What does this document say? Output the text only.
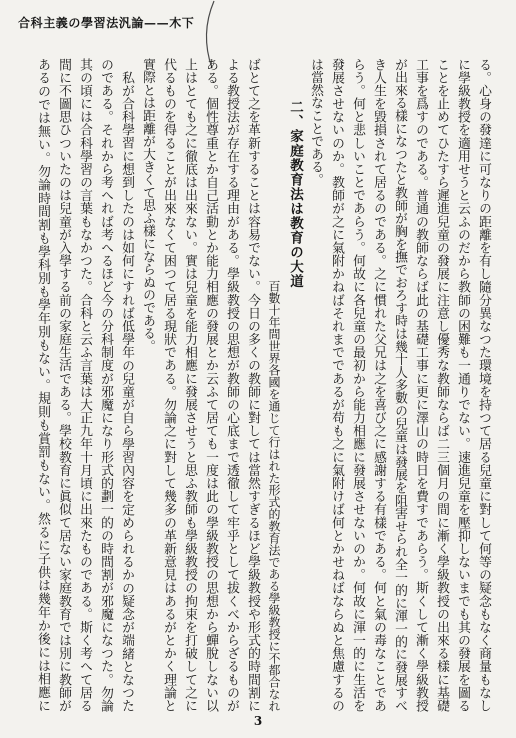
合科主義の學習法汎論——木下
る。心身の發達に可なりの距離を有し隨分異なつた環境を持つて居る兒童に對して何等の疑念もなく商量もなし
に學級教授を適用せうと云ふのだから教師の困難も一通りでない。速進兒童を壓抑しないまでも其の發展を圖る
ことを止めてひたすら遲進兒童の發展に注意し優秀な教師ならば二三個月の間に漸く學級教授の出來る樣に基礎
工事を爲すのである。普通の教師ならば此の基礎工事に更に澤山の時日を費すであらう。斯くして漸く學級教授
が出來る樣になつたと教師が胸を撫でおろす時は幾十人多數の兒童は發展を阻害せられ全一的に渾一的に發展すべ
き人生を毀損されて居るのである。之に慣れた父兄は之を喜び之に感謝する有樣である。何と氣の毒なことであ
らう。何と悲しいことであらう。何故に各兒童の最初から能力相應に發展させないのか。何故に渾一的に生活を
發展させないのか。教師が之に氣附かねばそれまでであるが苟も之に氣附けば何とかせねばならぬと焦慮するの
は當然なことである。
二、家庭教育法は教育の大道
百數十年間世界各國を通じて行はれた形式的教育法である學級教授に不都合なれ
ばとて之を革新することは容易でない。今日の多くの教師に對しては當然すぎるほど學級教授や形式的時間割に
よる教授法が存在する理由がある。學級教授の思想が教師の心底まで透徹して牢乎として拔くべからざるものが
ある。個性尊重とか自己活動とか能力相應の發展とか云ふて居ても一度は此の學級教授の思想から蟬脫しない以
上はとても之に徹底は出來ない。實は兒童を能力相應に發展させうと思ふ教師も學級教授の拘束を打破して之に
代るものを得ることが出來なくて困つて居る現狀である。勿論之に對して幾多の革新意見はあるがとかく理論と
實際とは距離が大きくて思ふ樣にならぬのである。
私が合科學習に想到したのは如何にすれば低學年の兒童が自ら學習內容を定められるかの疑念が端緒となつた
のである。それから考へれば考へるほど今の分科制度が邪魔になり形式的劃一的の時間割が邪魔になつた。勿論
其の頃には合科學習の言葉もなかつた。合科と云ふ言葉は大正九年十月頃に出來たものである。斯く考へて居る
間に不圖思ひついたのは兒童が入學する前の家庭生活である。學校教育に眞似て居ない家庭教育では別に教師が
あるのでは無い。勿論時間割も學科別も學年別もない。規則も賞罰もない。然るに子供は幾年か後には相應に
3
